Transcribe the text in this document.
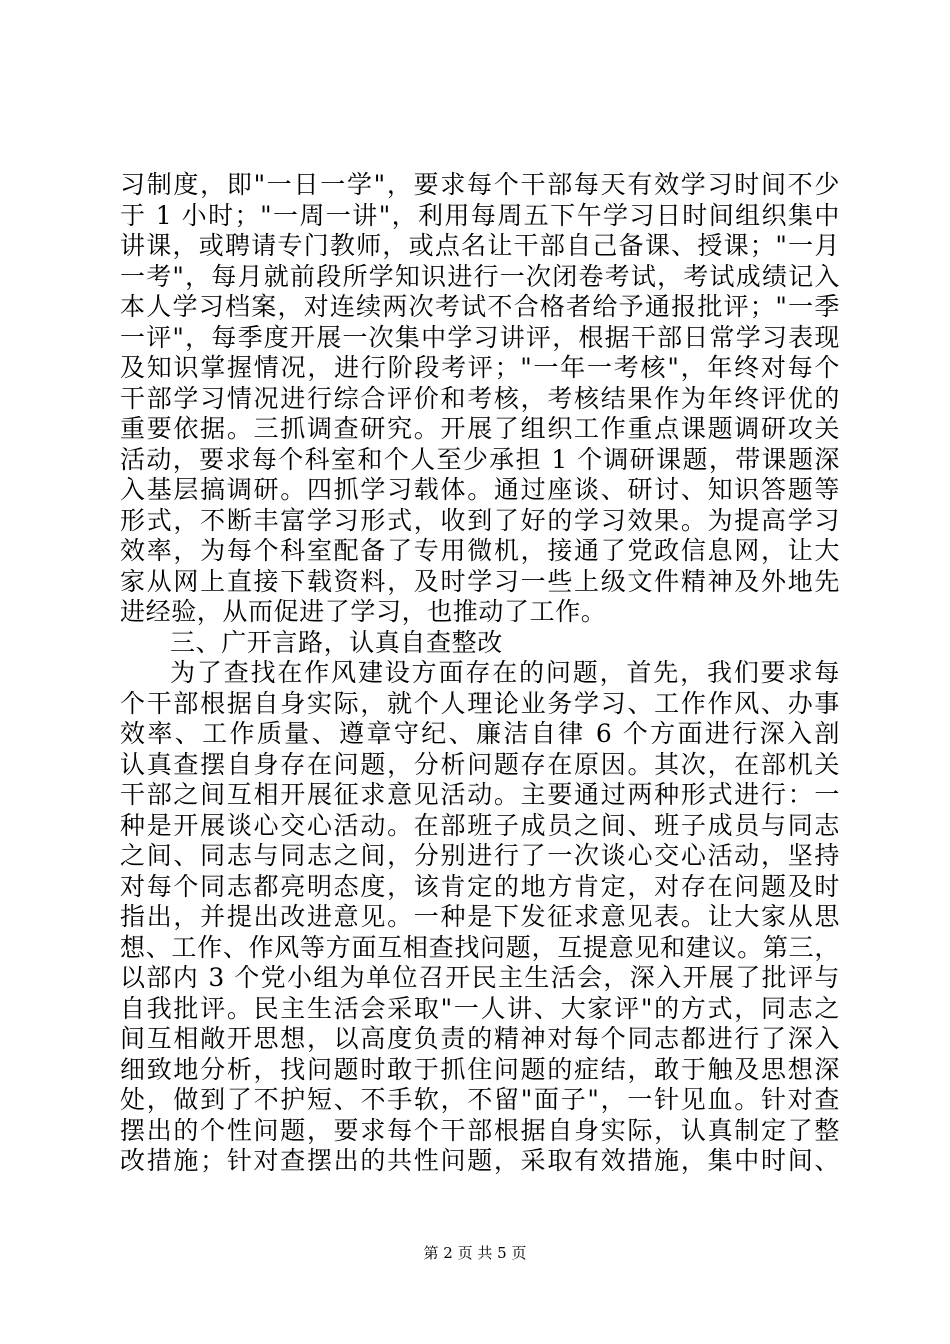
习制度，即"一日一学"，要求每个干部每天有效学习时间不少
于 1 小时；"一周一讲"，利用每周五下午学习日时间组织集中
讲课，或聘请专门教师，或点名让干部自己备课、授课；"一月
一考"，每月就前段所学知识进行一次闭卷考试，考试成绩记入
本人学习档案，对连续两次考试不合格者给予通报批评；"一季
一评"，每季度开展一次集中学习讲评，根据干部日常学习表现
及知识掌握情况，进行阶段考评；"一年一考核"，年终对每个
干部学习情况进行综合评价和考核，考核结果作为年终评优的
重要依据。三抓调查研究。开展了组织工作重点课题调研攻关
活动，要求每个科室和个人至少承担 1 个调研课题，带课题深
入基层搞调研。四抓学习载体。通过座谈、研讨、知识答题等
形式，不断丰富学习形式，收到了好的学习效果。为提高学习
效率，为每个科室配备了专用微机，接通了党政信息网，让大
家从网上直接下载资料，及时学习一些上级文件精神及外地先
进经验，从而促进了学习，也推动了工作。
三、广开言路，认真自查整改
为了查找在作风建设方面存在的问题，首先，我们要求每
个干部根据自身实际，就个人理论业务学习、工作作风、办事
效率、工作质量、遵章守纪、廉洁自律 6 个方面进行深入剖
认真查摆自身存在问题，分析问题存在原因。其次，在部机关
干部之间互相开展征求意见活动。主要通过两种形式进行：一
种是开展谈心交心活动。在部班子成员之间、班子成员与同志
之间、同志与同志之间，分别进行了一次谈心交心活动，坚持
对每个同志都亮明态度，该肯定的地方肯定，对存在问题及时
指出，并提出改进意见。一种是下发征求意见表。让大家从思
想、工作、作风等方面互相查找问题，互提意见和建议。第三，
以部内 3 个党小组为单位召开民主生活会，深入开展了批评与
自我批评。民主生活会采取"一人讲、大家评"的方式，同志之
间互相敞开思想，以高度负责的精神对每个同志都进行了深入
细致地分析，找问题时敢于抓住问题的症结，敢于触及思想深
处，做到了不护短、不手软，不留"面子"，一针见血。针对查
摆出的个性问题，要求每个干部根据自身实际，认真制定了整
改措施；针对查摆出的共性问题，采取有效措施，集中时间、
第 2 页 共 5 页
